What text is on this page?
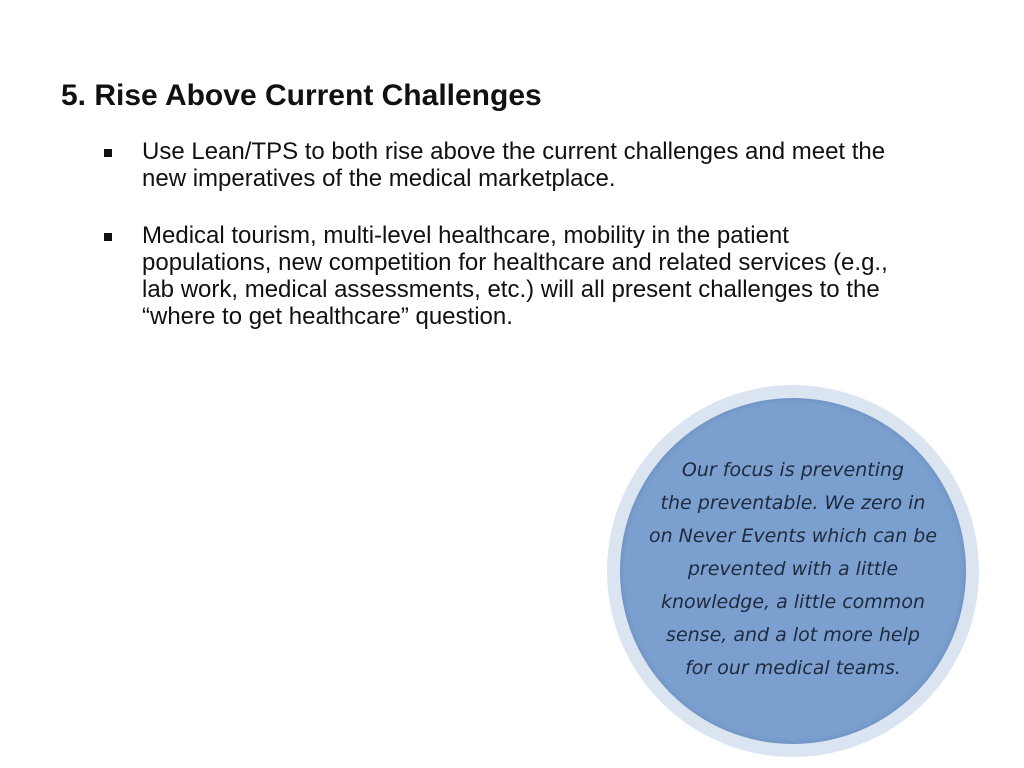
5. Rise Above Current Challenges
Use Lean/TPS to both rise above the current challenges and meet the new imperatives of the medical marketplace.
Medical tourism, multi-level healthcare, mobility in the patient populations, new competition for healthcare and related services (e.g., lab work, medical assessments, etc.) will all present challenges to the “where to get healthcare” question.

Our focus is preventing
the preventable. We zero in
on Never Events which can be
prevented with a little
knowledge, a little common
sense, and a lot more help
for our medical teams.
